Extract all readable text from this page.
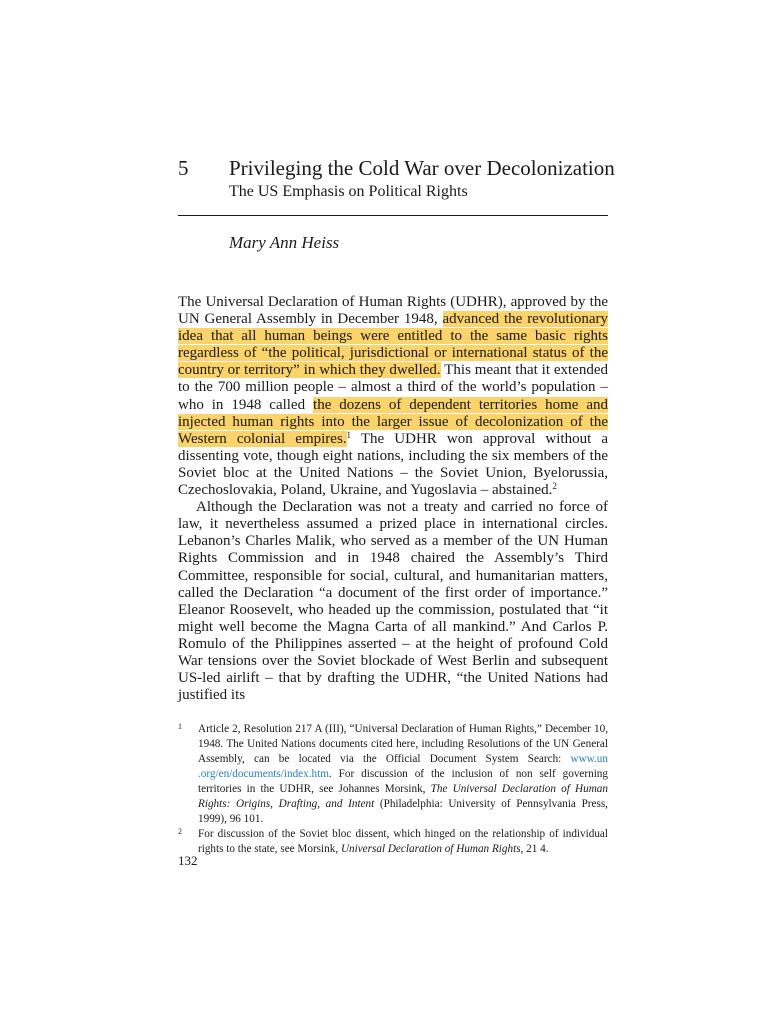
5 Privileging the Cold War over Decolonization
The US Emphasis on Political Rights
Mary Ann Heiss

The Universal Declaration of Human Rights (UDHR), approved by the UN General Assembly in December 1948, advanced the revolutionary idea that all human beings were entitled to the same basic rights regardless of “the political, jurisdictional or international status of the country or territory” in which they dwelled. This meant that it extended to the 700 million people – almost a third of the world’s population – who in 1948 called the dozens of dependent territories home and injected human rights into the larger issue of decolonization of the Western colonial empires.$^1$ The UDHR won approval without a dissenting vote, though eight nations, including the six members of the Soviet bloc at the United Nations – the Soviet Union, Byelorussia, Czechoslovakia, Poland, Ukraine, and Yugoslavia – abstained.$^2$

Although the Declaration was not a treaty and carried no force of law, it nevertheless assumed a prized place in international circles. Lebanon’s Charles Malik, who served as a member of the UN Human Rights Commission and in 1948 chaired the Assembly’s Third Committee, responsible for social, cultural, and humanitarian matters, called the Declaration “a document of the first order of importance.” Eleanor Roosevelt, who headed up the commission, postulated that “it might well become the Magna Carta of all mankind.” And Carlos P. Romulo of the Philippines asserted – at the height of profound Cold War tensions over the Soviet blockade of West Berlin and subsequent US-led airlift – that by drafting the UDHR, “the United Nations had justified its

1 Article 2, Resolution 217 A (III), “Universal Declaration of Human Rights,” December 10, 1948. The United Nations documents cited here, including Resolutions of the UN General Assembly, can be located via the Official Document System Search: www.un .org/en/documents/index.htm. For discussion of the inclusion of non self governing territories in the UDHR, see Johannes Morsink, The Universal Declaration of Human Rights: Origins, Drafting, and Intent (Philadelphia: University of Pennsylvania Press, 1999), 96 101.

2 For discussion of the Soviet bloc dissent, which hinged on the relationship of individual rights to the state, see Morsink, Universal Declaration of Human Rights, 21 4.

132
